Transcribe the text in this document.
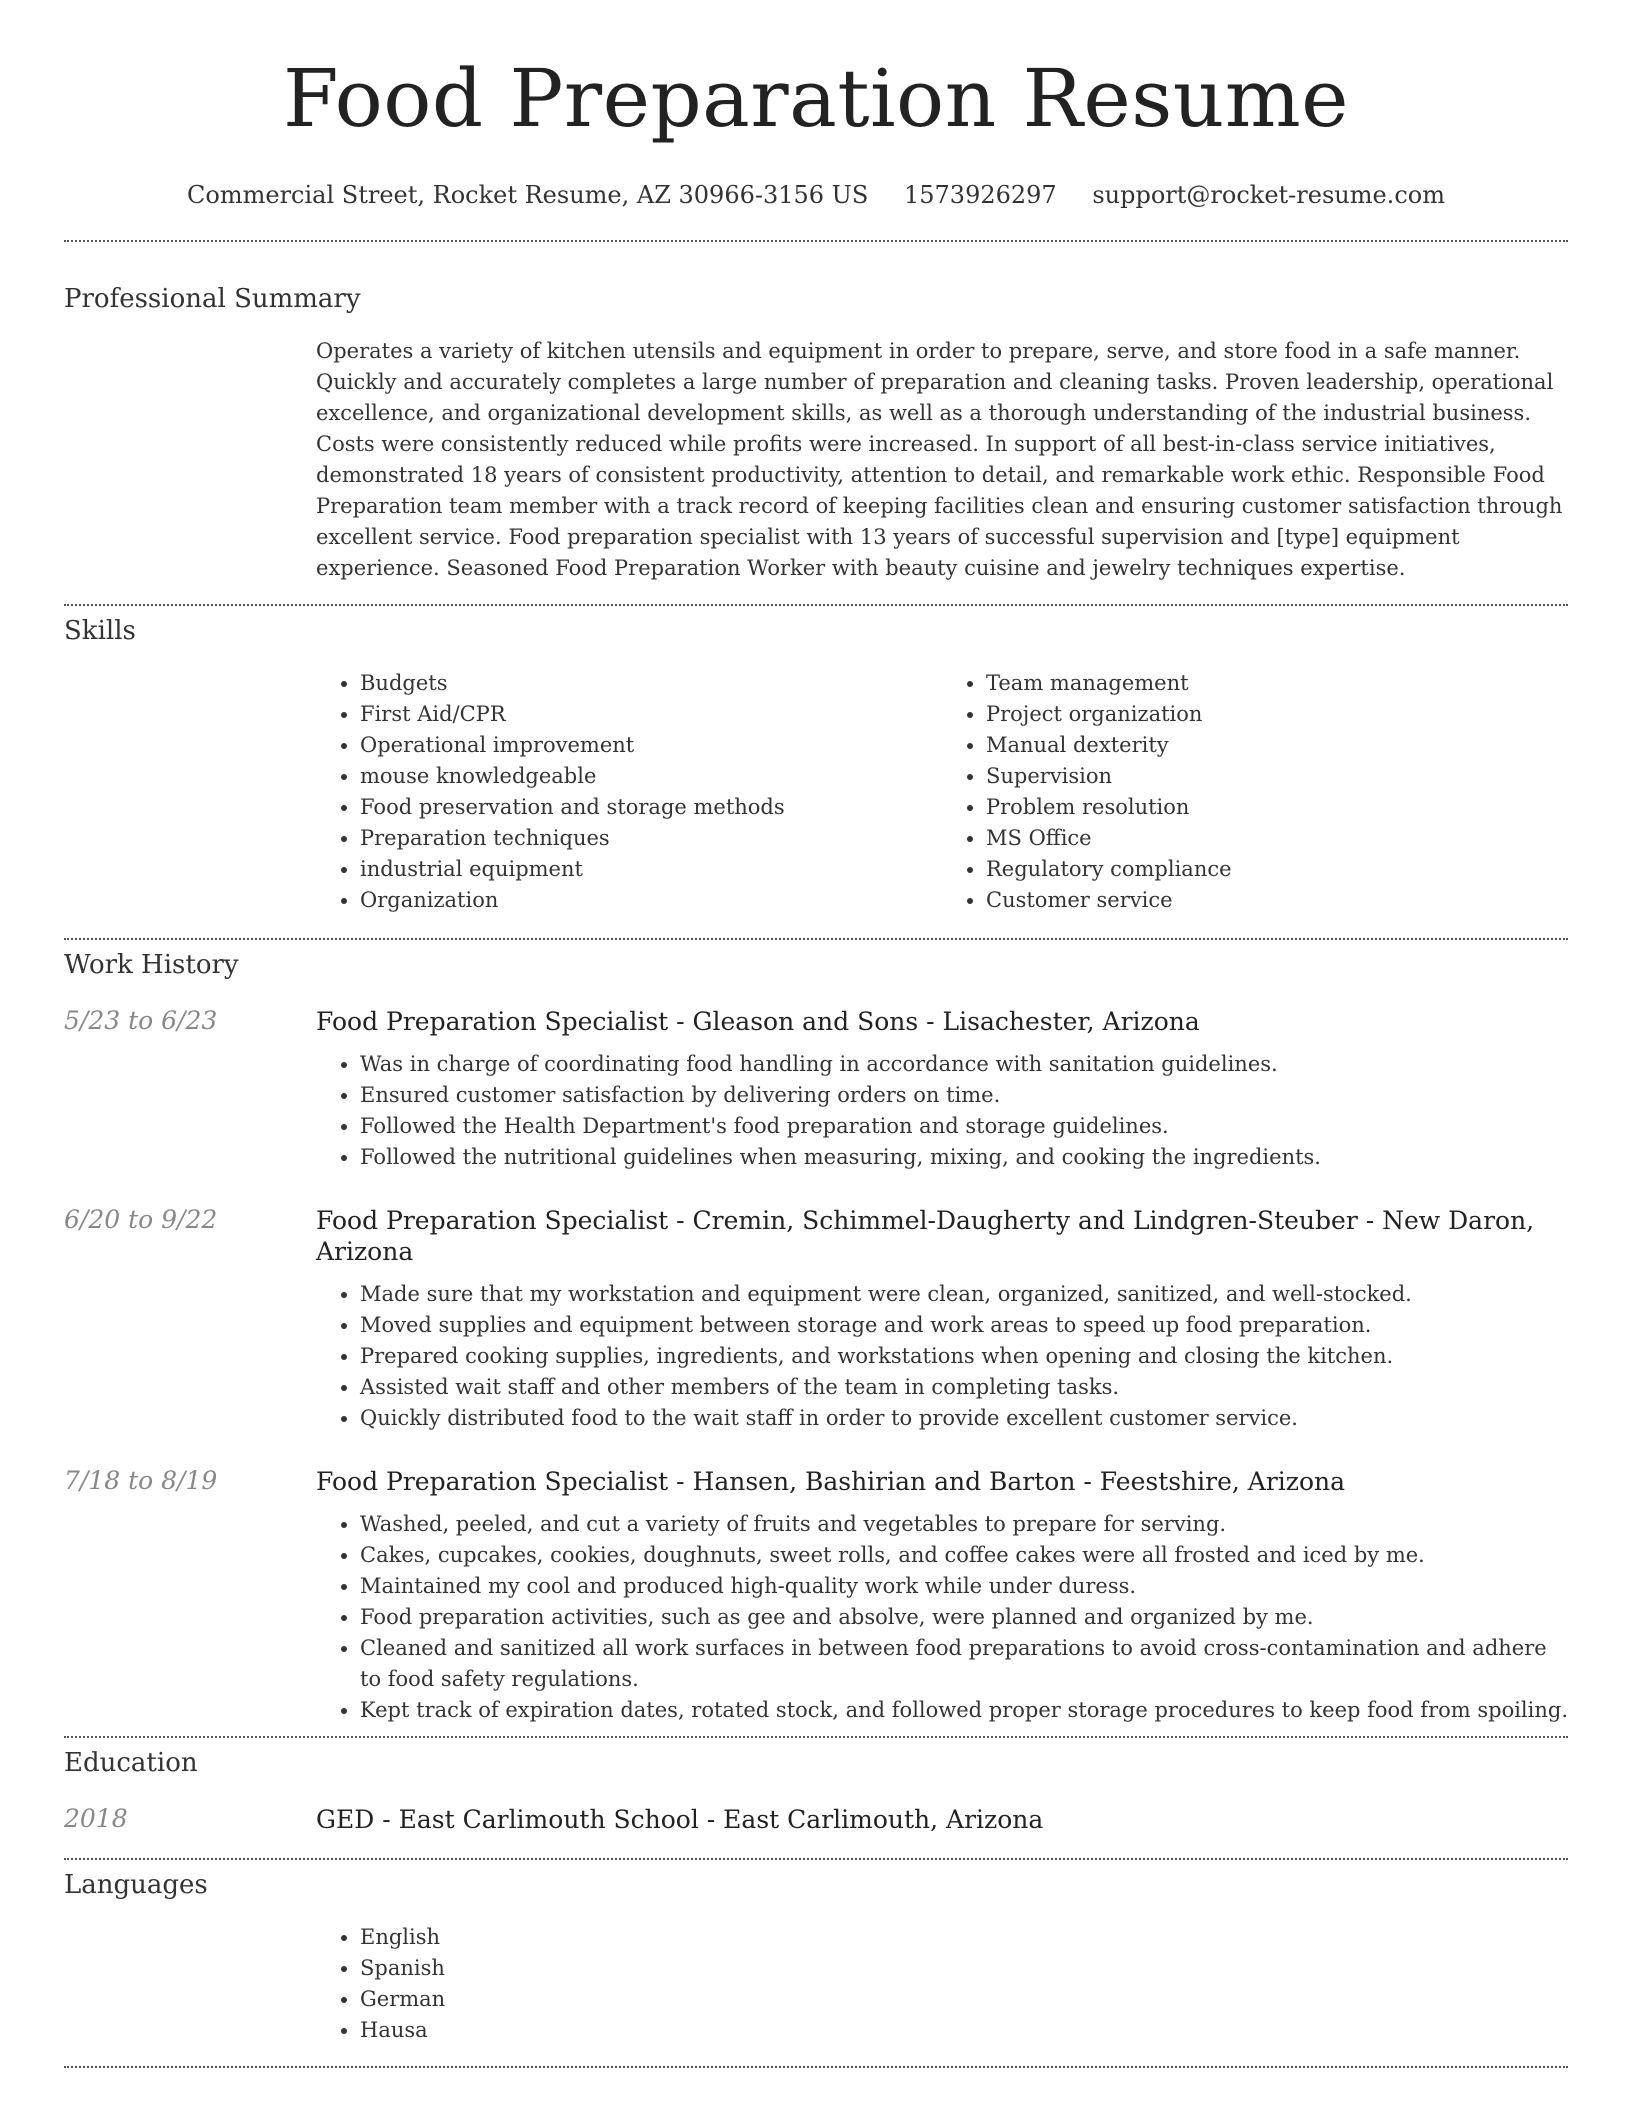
Food Preparation Resume
Commercial Street, Rocket Resume, AZ 30966-3156 US 1573926297 support@rocket-resume.com
Professional Summary

Operates a variety of kitchen utensils and equipment in order to prepare, serve, and store food in a safe manner. Quickly and accurately completes a large number of preparation and cleaning tasks. Proven leadership, operational excellence, and organizational development skills, as well as a thorough understanding of the industrial business. Costs were consistently reduced while profits were increased. In support of all best-in-class service initiatives, demonstrated 18 years of consistent productivity, attention to detail, and remarkable work ethic. Responsible Food Preparation team member with a track record of keeping facilities clean and ensuring customer satisfaction through excellent service. Food preparation specialist with 13 years of successful supervision and [type] equipment experience. Seasoned Food Preparation Worker with beauty cuisine and jewelry techniques expertise.

Skills
• Budgets
• First Aid/CPR
• Operational improvement
• mouse knowledgeable
• Food preservation and storage methods
• Preparation techniques
• industrial equipment
• Organization
• Team management
• Project organization
• Manual dexterity
• Supervision
• Problem resolution
• MS Office
• Regulatory compliance
• Customer service
Work History
5/23 to 6/23	Food Preparation Specialist - Gleason and Sons - Lisachester, Arizona
• Was in charge of coordinating food handling in accordance with sanitation guidelines.
• Ensured customer satisfaction by delivering orders on time.
• Followed the Health Department's food preparation and storage guidelines.
• Followed the nutritional guidelines when measuring, mixing, and cooking the ingredients.
6/20 to 9/22	Food Preparation Specialist - Cremin, Schimmel-Daugherty and Lindgren-Steuber - New Daron, Arizona
• Made sure that my workstation and equipment were clean, organized, sanitized, and well-stocked.
• Moved supplies and equipment between storage and work areas to speed up food preparation.
• Prepared cooking supplies, ingredients, and workstations when opening and closing the kitchen.
• Assisted wait staff and other members of the team in completing tasks.
• Quickly distributed food to the wait staff in order to provide excellent customer service.
7/18 to 8/19	Food Preparation Specialist - Hansen, Bashirian and Barton - Feestshire, Arizona
• Washed, peeled, and cut a variety of fruits and vegetables to prepare for serving.
• Cakes, cupcakes, cookies, doughnuts, sweet rolls, and coffee cakes were all frosted and iced by me.
• Maintained my cool and produced high-quality work while under duress.
• Food preparation activities, such as gee and absolve, were planned and organized by me.
• Cleaned and sanitized all work surfaces in between food preparations to avoid cross-contamination and adhere to food safety regulations.
• Kept track of expiration dates, rotated stock, and followed proper storage procedures to keep food from spoiling.
Education
2018	GED - East Carlimouth School - East Carlimouth, Arizona
Languages
• English
• Spanish
• German
• Hausa
